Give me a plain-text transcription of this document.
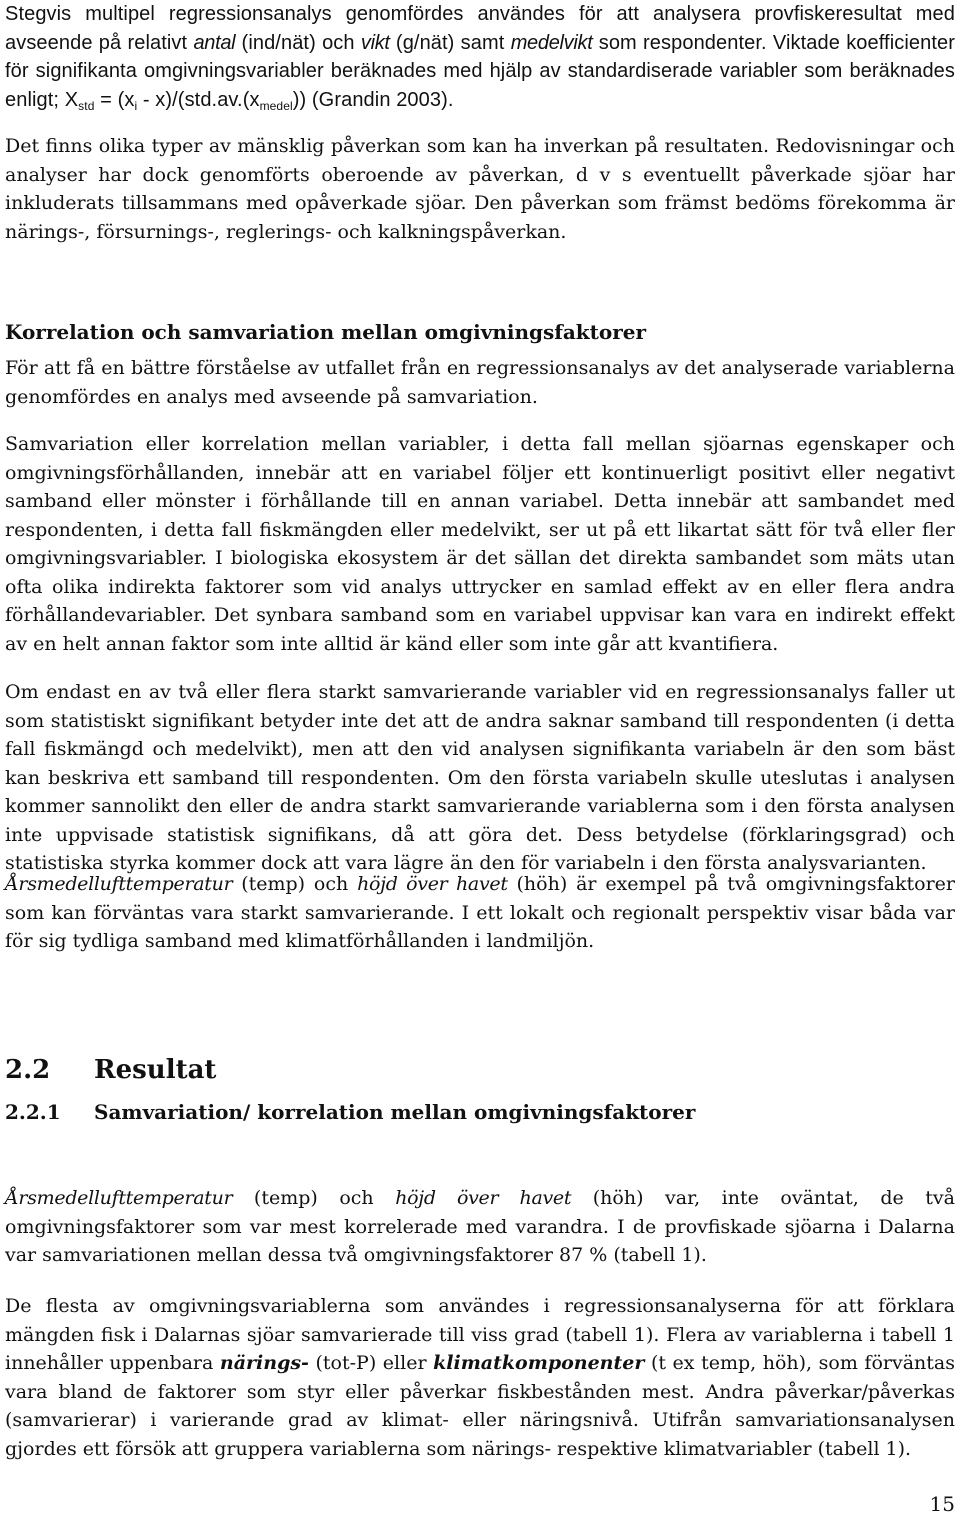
Stegvis multipel regressionsanalys genomfördes användes för att analysera provfiskeresultat med avseende på relativt antal (ind/nät) och vikt (g/nät) samt medelvikt som respondenter. Viktade koefficienter för signifikanta omgivningsvariabler beräknades med hjälp av standardiserade variabler som beräknades enligt; $X_{std} = (x_i - x)/(std.av.(x_{medel}))$ (Grandin 2003).

Det finns olika typer av mänsklig påverkan som kan ha inverkan på resultaten. Redovisningar och analyser har dock genomförts oberoende av påverkan, d v s eventuellt påverkade sjöar har inkluderats tillsammans med opåverkade sjöar. Den påverkan som främst bedöms förekomma är närings-, försurnings-, reglerings- och kalkningspåverkan.

Korrelation och samvariation mellan omgivningsfaktorer

För att få en bättre förståelse av utfallet från en regressionsanalys av det analyserade variablerna genomfördes en analys med avseende på samvariation.

Samvariation eller korrelation mellan variabler, i detta fall mellan sjöarnas egenskaper och omgivningsförhållanden, innebär att en variabel följer ett kontinuerligt positivt eller negativt samband eller mönster i förhållande till en annan variabel. Detta innebär att sambandet med respondenten, i detta fall fiskmängden eller medelvikt, ser ut på ett likartat sätt för två eller fler omgivningsvariabler. I biologiska ekosystem är det sällan det direkta sambandet som mäts utan ofta olika indirekta faktorer som vid analys uttrycker en samlad effekt av en eller flera andra förhållandevariabler. Det synbara samband som en variabel uppvisar kan vara en indirekt effekt av en helt annan faktor som inte alltid är känd eller som inte går att kvantifiera.

Om endast en av två eller flera starkt samvarierande variabler vid en regressionsanalys faller ut som statistiskt signifikant betyder inte det att de andra saknar samband till respondenten (i detta fall fiskmängd och medelvikt), men att den vid analysen signifikanta variabeln är den som bäst kan beskriva ett samband till respondenten. Om den första variabeln skulle uteslutas i analysen kommer sannolikt den eller de andra starkt samvarierande variablerna som i den första analysen inte uppvisade statistisk signifikans, då att göra det. Dess betydelse (förklaringsgrad) och statistiska styrka kommer dock att vara lägre än den för variabeln i den första analysvarianten.

Årsmedellufttemperatur (temp) och höjd över havet (höh) är exempel på två omgivningsfaktorer som kan förväntas vara starkt samvarierande. I ett lokalt och regionalt perspektiv visar båda var för sig tydliga samband med klimatförhållanden i landmiljön.

2.2 Resultat
2.2.1 Samvariation/ korrelation mellan omgivningsfaktorer

Årsmedellufttemperatur (temp) och höjd över havet (höh) var, inte oväntat, de två omgivningsfaktorer som var mest korrelerade med varandra. I de provfiskade sjöarna i Dalarna var samvariationen mellan dessa två omgivningsfaktorer 87 % (tabell 1).

De flesta av omgivningsvariablerna som användes i regressionsanalyserna för att förklara mängden fisk i Dalarnas sjöar samvarierade till viss grad (tabell 1). Flera av variablerna i tabell 1 innehåller uppenbara närings- (tot-P) eller klimatkomponenter (t ex temp, höh), som förväntas vara bland de faktorer som styr eller påverkar fiskbestånden mest. Andra påverkar/påverkas (samvarierar) i varierande grad av klimat- eller näringsnivå. Utifrån samvariationsanalysen gjordes ett försök att gruppera variablerna som närings- respektive klimatvariabler (tabell 1).

15
